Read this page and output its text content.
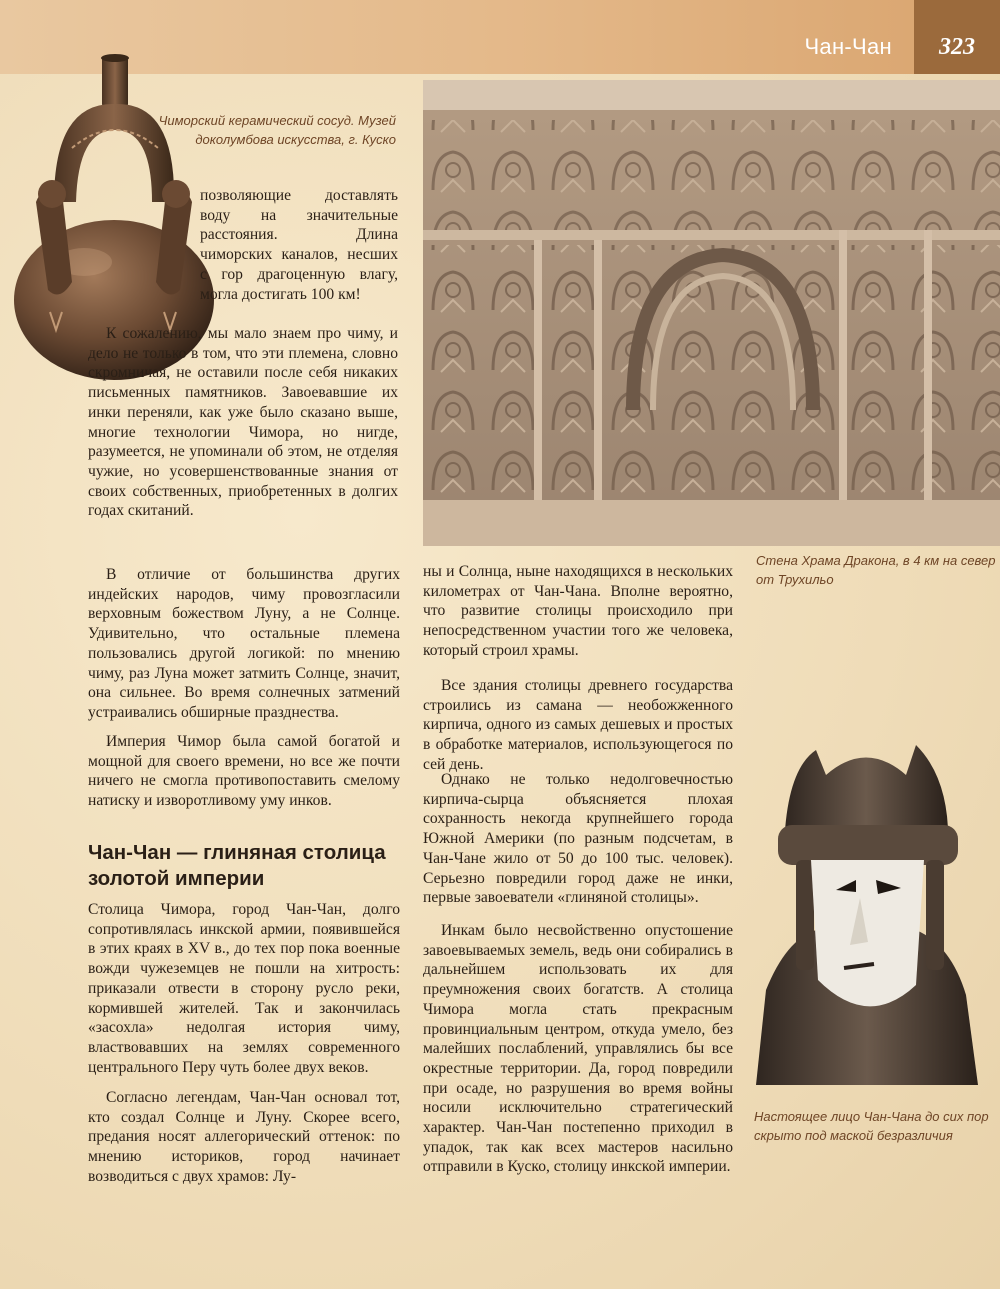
Чан-Чан	323
Чиморский керамический сосуд. Музей доколумбова искусства, г. Куско
Стена Храма Дракона, в 4 км на север от Трухильо
Настоящее лицо Чан-Чана до сих пор скрыто под маской безразличия

позволяющие доставлять воду на значительные расстояния. Длина чиморских каналов, несших с гор драгоценную влагу, могла достигать 100 км!

К сожалению, мы мало знаем про чиму, и дело не только в том, что эти племена, словно скромничая, не оставили после себя никаких письменных памятников. Завоевавшие их инки переняли, как уже было сказано выше, многие технологии Чимора, но нигде, разумеется, не упоминали об этом, не отделяя чужие, но усовершенствованные знания от своих собственных, приобретенных в долгих годах скитаний.

В отличие от большинства других индейских народов, чиму провозгласили верховным божеством Луну, а не Солнце. Удивительно, что остальные племена пользовались другой логикой: по мнению чиму, раз Луна может затмить Солнце, значит, она сильнее. Во время солнечных затмений устраивались обширные празднества.

Империя Чимор была самой богатой и мощной для своего времени, но все же почти ничего не смогла противопоставить смелому натиску и изворотливому уму инков.

Чан-Чан — глиняная столица золотой империи

Столица Чимора, город Чан-Чан, долго сопротивлялась инкской армии, появившейся в этих краях в XV в., до тех пор пока военные вожди чужеземцев не пошли на хитрость: приказали отвести в сторону русло реки, кормившей жителей. Так и закончилась «засохла» недолгая история чиму, властвовавших на землях современного центрального Перу чуть более двух веков.

Согласно легендам, Чан-Чан основал тот, кто создал Солнце и Луну. Скорее всего, предания носят аллегорический оттенок: по мнению историков, город начинает возводиться с двух храмов: Лу-

ны и Солнца, ныне находящихся в нескольких километрах от Чан-Чана. Вполне вероятно, что развитие столицы происходило при непосредственном участии того же человека, который строил храмы.

Все здания столицы древнего государства строились из самана — необожженного кирпича, одного из самых дешевых и простых в обработке материалов, использующегося по сей день.

Однако не только недолговечностью кирпича-сырца объясняется плохая сохранность некогда крупнейшего города Южной Америки (по разным подсчетам, в Чан-Чане жило от 50 до 100 тыс. человек). Серьезно повредили город даже не инки, первые завоеватели «глиняной столицы».

Инкам было несвойственно опустошение завоевываемых земель, ведь они собирались в дальнейшем использовать их для преумножения своих богатств. А столица Чимора могла стать прекрасным провинциальным центром, откуда умело, без малейших послаблений, управлялись бы все окрестные территории. Да, город повредили при осаде, но разрушения во время войны носили исключительно стратегический характер. Чан-Чан постепенно приходил в упадок, так как всех мастеров насильно отправили в Куско, столицу инкской империи.
